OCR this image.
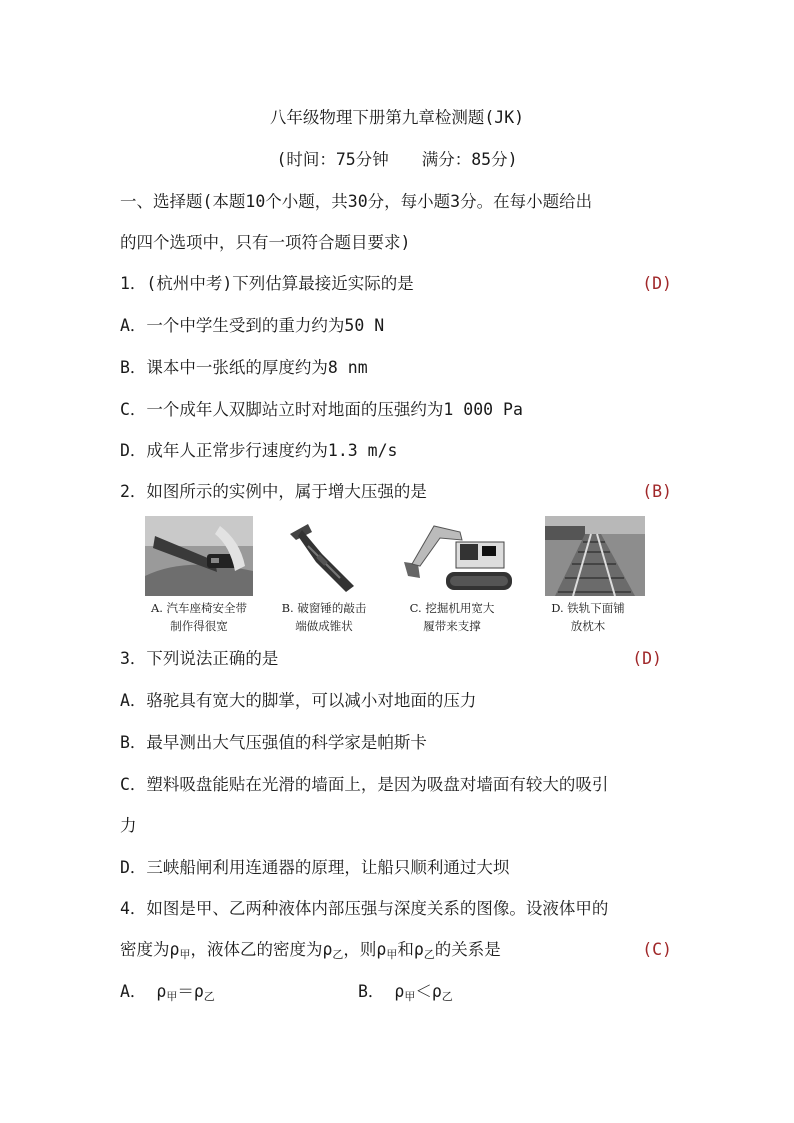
八年级物理下册第九章检测题(JK)
(时间：75分钟　　满分：85分)
一、选择题(本题10个小题，共30分，每小题3分。在每小题给出
的四个选项中，只有一项符合题目要求)
1．(杭州中考)下列估算最接近实际的是	(D)
A．一个中学生受到的重力约为50 N
B．课本中一张纸的厚度约为8 nm
C．一个成年人双脚站立时对地面的压强约为1 000 Pa
D．成年人正常步行速度约为1.3 m/s
2．如图所示的实例中，属于增大压强的是	(B)
A. 汽车座椅安全带
制作得很宽
B. 破窗锤的敲击
端做成锥状
C. 挖掘机用宽大
履带来支撑
D. 铁轨下面铺
放枕木
3．下列说法正确的是	(D)
A．骆驼具有宽大的脚掌，可以减小对地面的压力
B．最早测出大气压强值的科学家是帕斯卡
C．塑料吸盘能贴在光滑的墙面上，是因为吸盘对墙面有较大的吸引
力
D．三峡船闸利用连通器的原理，让船只顺利通过大坝
4．如图是甲、乙两种液体内部压强与深度关系的图像。设液体甲的
密度为$\rho_甲$，液体乙的密度为$\rho_乙$，则$\rho_甲$和$\rho_乙$的关系是	(C)
A． $\rho_甲=\rho_乙$	B． $\rho_甲<\rho_乙$
